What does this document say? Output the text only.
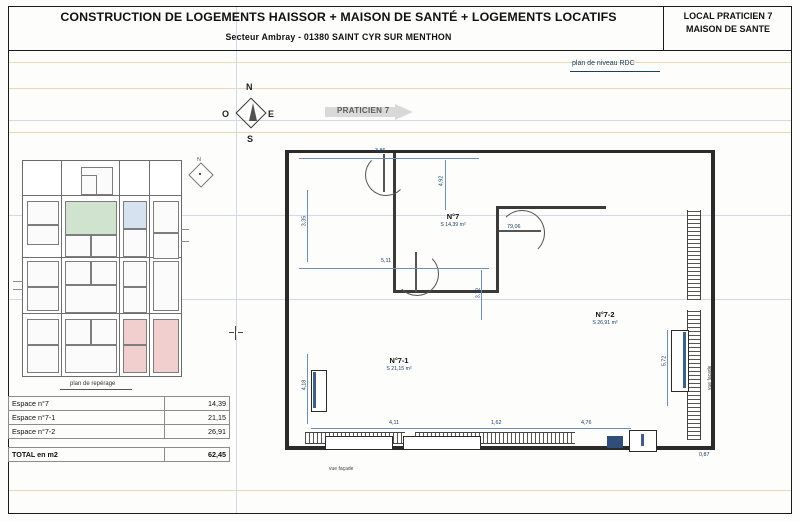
CONSTRUCTION DE LOGEMENTS HAISSOR + MAISON DE SANTÉ + LOGEMENTS LOCATIFS
Secteur Ambray - 01380 SAINT CYR SUR MENTHON
LOCAL PRATICIEN 7
MAISON DE SANTE
plan de niveau RDC
N
S
O	E
N
PRATICIEN 7
plan de repérage
Espace n°7	14,39
Espace n°7-1	21,15
Espace n°7-2	26,91

TOTAL en m2	62,45
3,86
4,92
3,35
5,11
3,72
5,72
79,06
4,18
4,11	1,62	4,76
0,87
N°7
S 14,39 m²
N°7-1
S 21,15 m²
N°7-2
S 26,91 m²
vue façade
vue façade
